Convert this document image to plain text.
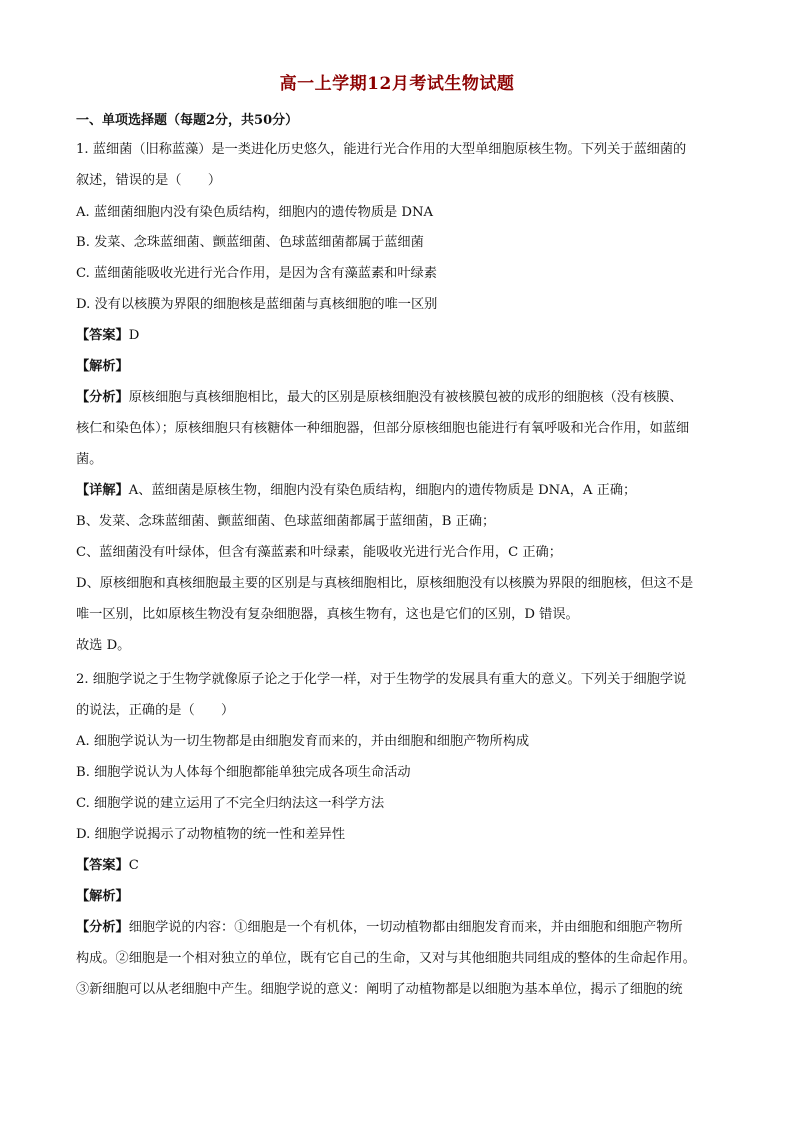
高一上学期12月考试生物试题
一、单项选择题（每题2分，共50分）
1. 蓝细菌（旧称蓝藻）是一类进化历史悠久，能进行光合作用的大型单细胞原核生物。下列关于蓝细菌的
叙述，错误的是（　　）
A. 蓝细菌细胞内没有染色质结构，细胞内的遗传物质是 DNA
B. 发菜、念珠蓝细菌、颤蓝细菌、色球蓝细菌都属于蓝细菌
C. 蓝细菌能吸收光进行光合作用，是因为含有藻蓝素和叶绿素
D. 没有以核膜为界限的细胞核是蓝细菌与真核细胞的唯一区别
【答案】D
【解析】
【分析】原核细胞与真核细胞相比，最大的区别是原核细胞没有被核膜包被的成形的细胞核（没有核膜、
核仁和染色体）；原核细胞只有核糖体一种细胞器，但部分原核细胞也能进行有氧呼吸和光合作用，如蓝细
菌。
【详解】A、蓝细菌是原核生物，细胞内没有染色质结构，细胞内的遗传物质是 DNA，A 正确；
B、发菜、念珠蓝细菌、颤蓝细菌、色球蓝细菌都属于蓝细菌，B 正确；
C、蓝细菌没有叶绿体，但含有藻蓝素和叶绿素，能吸收光进行光合作用，C 正确；
D、原核细胞和真核细胞最主要的区别是与真核细胞相比，原核细胞没有以核膜为界限的细胞核，但这不是
唯一区别，比如原核生物没有复杂细胞器，真核生物有，这也是它们的区别，D 错误。
故选 D。
2. 细胞学说之于生物学就像原子论之于化学一样，对于生物学的发展具有重大的意义。下列关于细胞学说
的说法，正确的是（　　）
A. 细胞学说认为一切生物都是由细胞发育而来的，并由细胞和细胞产物所构成
B. 细胞学说认为人体每个细胞都能单独完成各项生命活动
C. 细胞学说的建立运用了不完全归纳法这一科学方法
D. 细胞学说揭示了动物植物的统一性和差异性
【答案】C
【解析】
【分析】细胞学说的内容：①细胞是一个有机体，一切动植物都由细胞发育而来，并由细胞和细胞产物所
构成。②细胞是一个相对独立的单位，既有它自己的生命，又对与其他细胞共同组成的整体的生命起作用。
③新细胞可以从老细胞中产生。细胞学说的意义：阐明了动植物都是以细胞为基本单位，揭示了细胞的统
